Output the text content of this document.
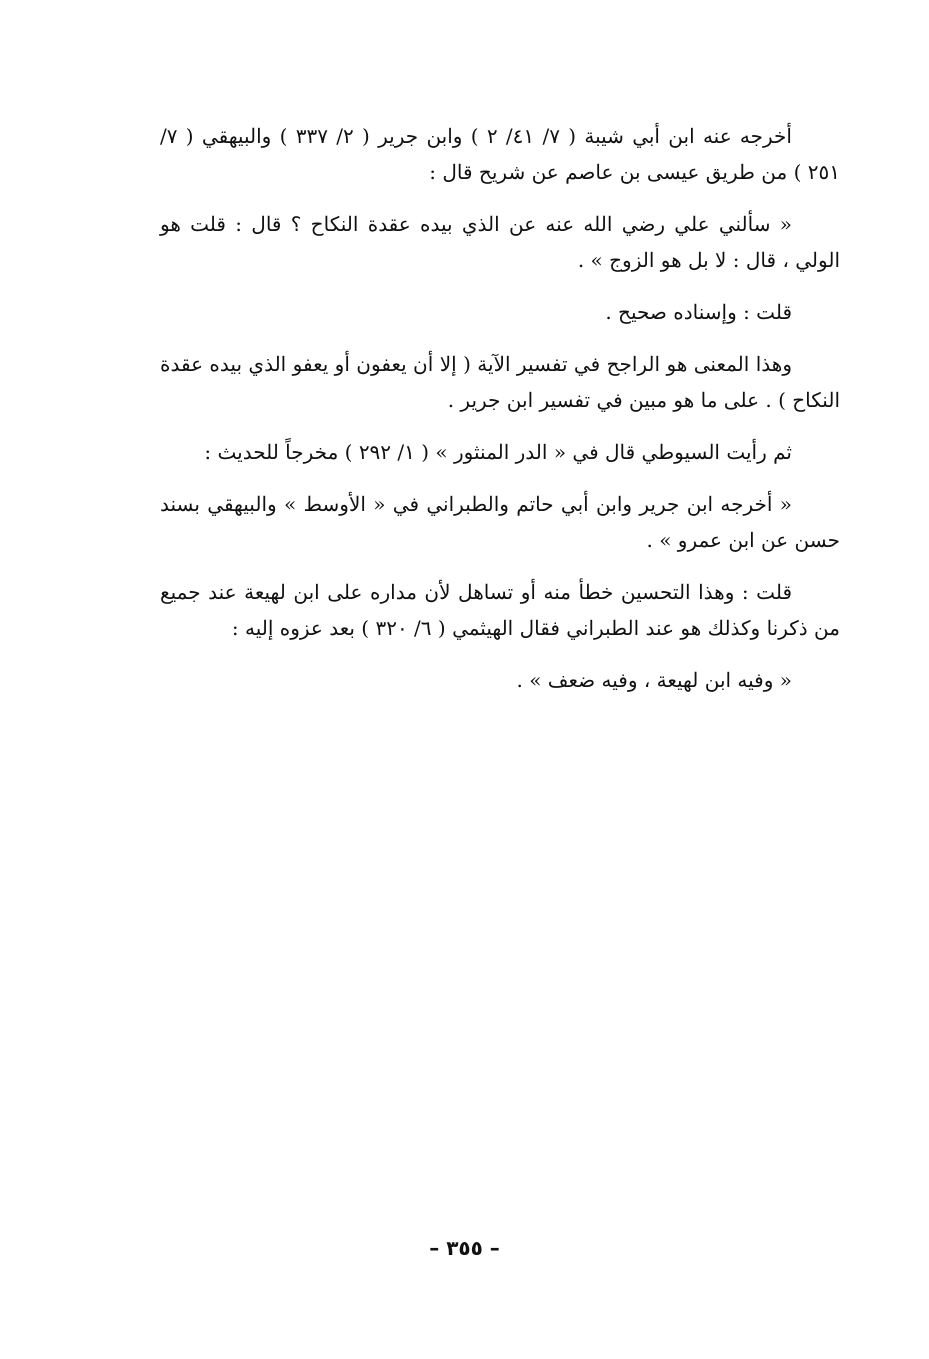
أخرجه عنه ابن أبي شيبة ( ٧/ ٤١/ ٢ ) وابن جرير ( ٢/ ٣٣٧ ) والبيهقي ( ٧/ ٢٥١ ) من طريق عيسى بن عاصم عن شريح قال :

« سألني علي رضي الله عنه عن الذي بيده عقدة النكاح ؟ قال : قلت هو الولي ، قال : لا بل هو الزوج » .

قلت : وإسناده صحيح .

وهذا المعنى هو الراجح في تفسير الآية ( إلا أن يعفون أو يعفو الذي بيده عقدة النكاح ) . على ما هو مبين في تفسير ابن جرير .

ثم رأيت السيوطي قال في « الدر المنثور » ( ١/ ٢٩٢ ) مخرجاً للحديث :

« أخرجه ابن جرير وابن أبي حاتم والطبراني في « الأوسط » والبيهقي بسند حسن عن ابن عمرو » .

قلت : وهذا التحسين خطأ منه أو تساهل لأن مداره على ابن لهيعة عند جميع من ذكرنا وكذلك هو عند الطبراني فقال الهيثمي ( ٦/ ٣٢٠ ) بعد عزوه إليه :

« وفيه ابن لهيعة ، وفيه ضعف » .

– ٣٥٥ –
